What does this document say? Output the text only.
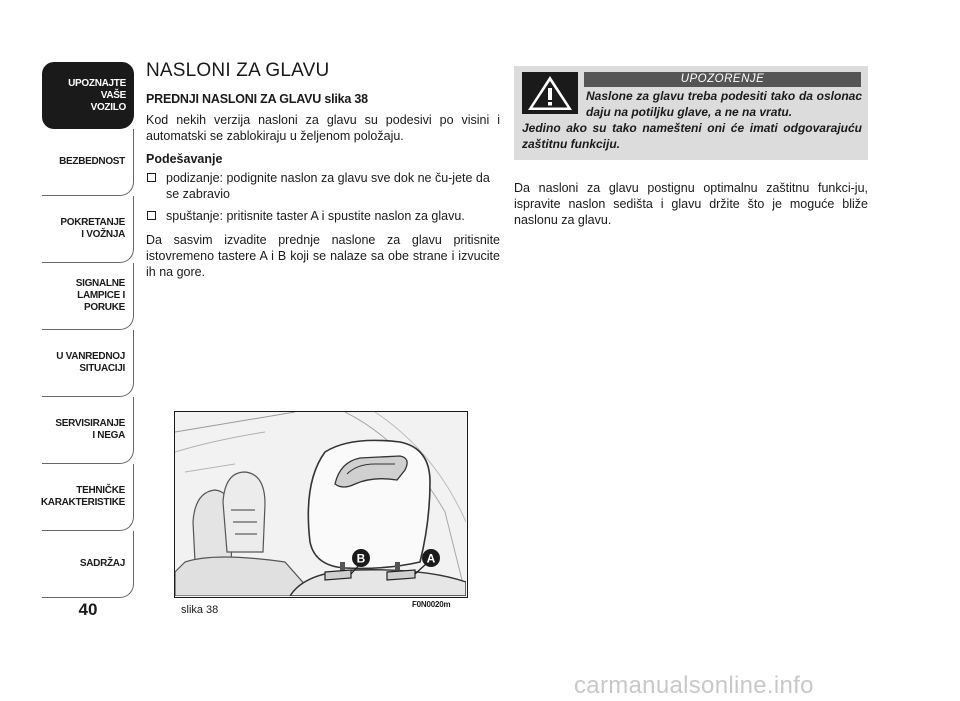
UPOZNAJTE
VAŠE
VOZILO
BEZBEDNOST
POKRETANJE
I VOŽNJA
SIGNALNE
LAMPICE I PORUKE
U VANREDNOJ
SITUACIJI
SERVISIRANJE
I NEGA
TEHNIČKE
KARAKTERISTIKE
SADRŽAJ
40
NASLONI ZA GLAVU

PREDNJI NASLONI ZA GLAVU slika 38

Kod nekih verzija nasloni za glavu su podesivi po visini i automatski se zablokiraju u željenom položaju.

Podešavanje

podizanje: podignite naslon za glavu sve dok ne ču-jete da se zabravio
spuštanje: pritisnite taster A i spustite naslon za glavu.

Da sasvim izvadite prednje naslone za glavu pritisnite istovremeno tastere A i B koji se nalaze sa obe strane i izvucite ih na gore.

UPOZORENJE
Naslone za glavu treba podesiti tako da oslonac daju na potiljku glave, a ne na vratu.
Jedino ako su tako namešteni oni će imati odgovarajuću zaštitnu funkciju.

Da nasloni za glavu postignu optimalnu zaštitnu funkci-ju, ispravite naslon sedišta i glavu držite što je moguće bliže naslonu za glavu.

B	A
slika 38	F0N0020m
carmanualsonline.info
